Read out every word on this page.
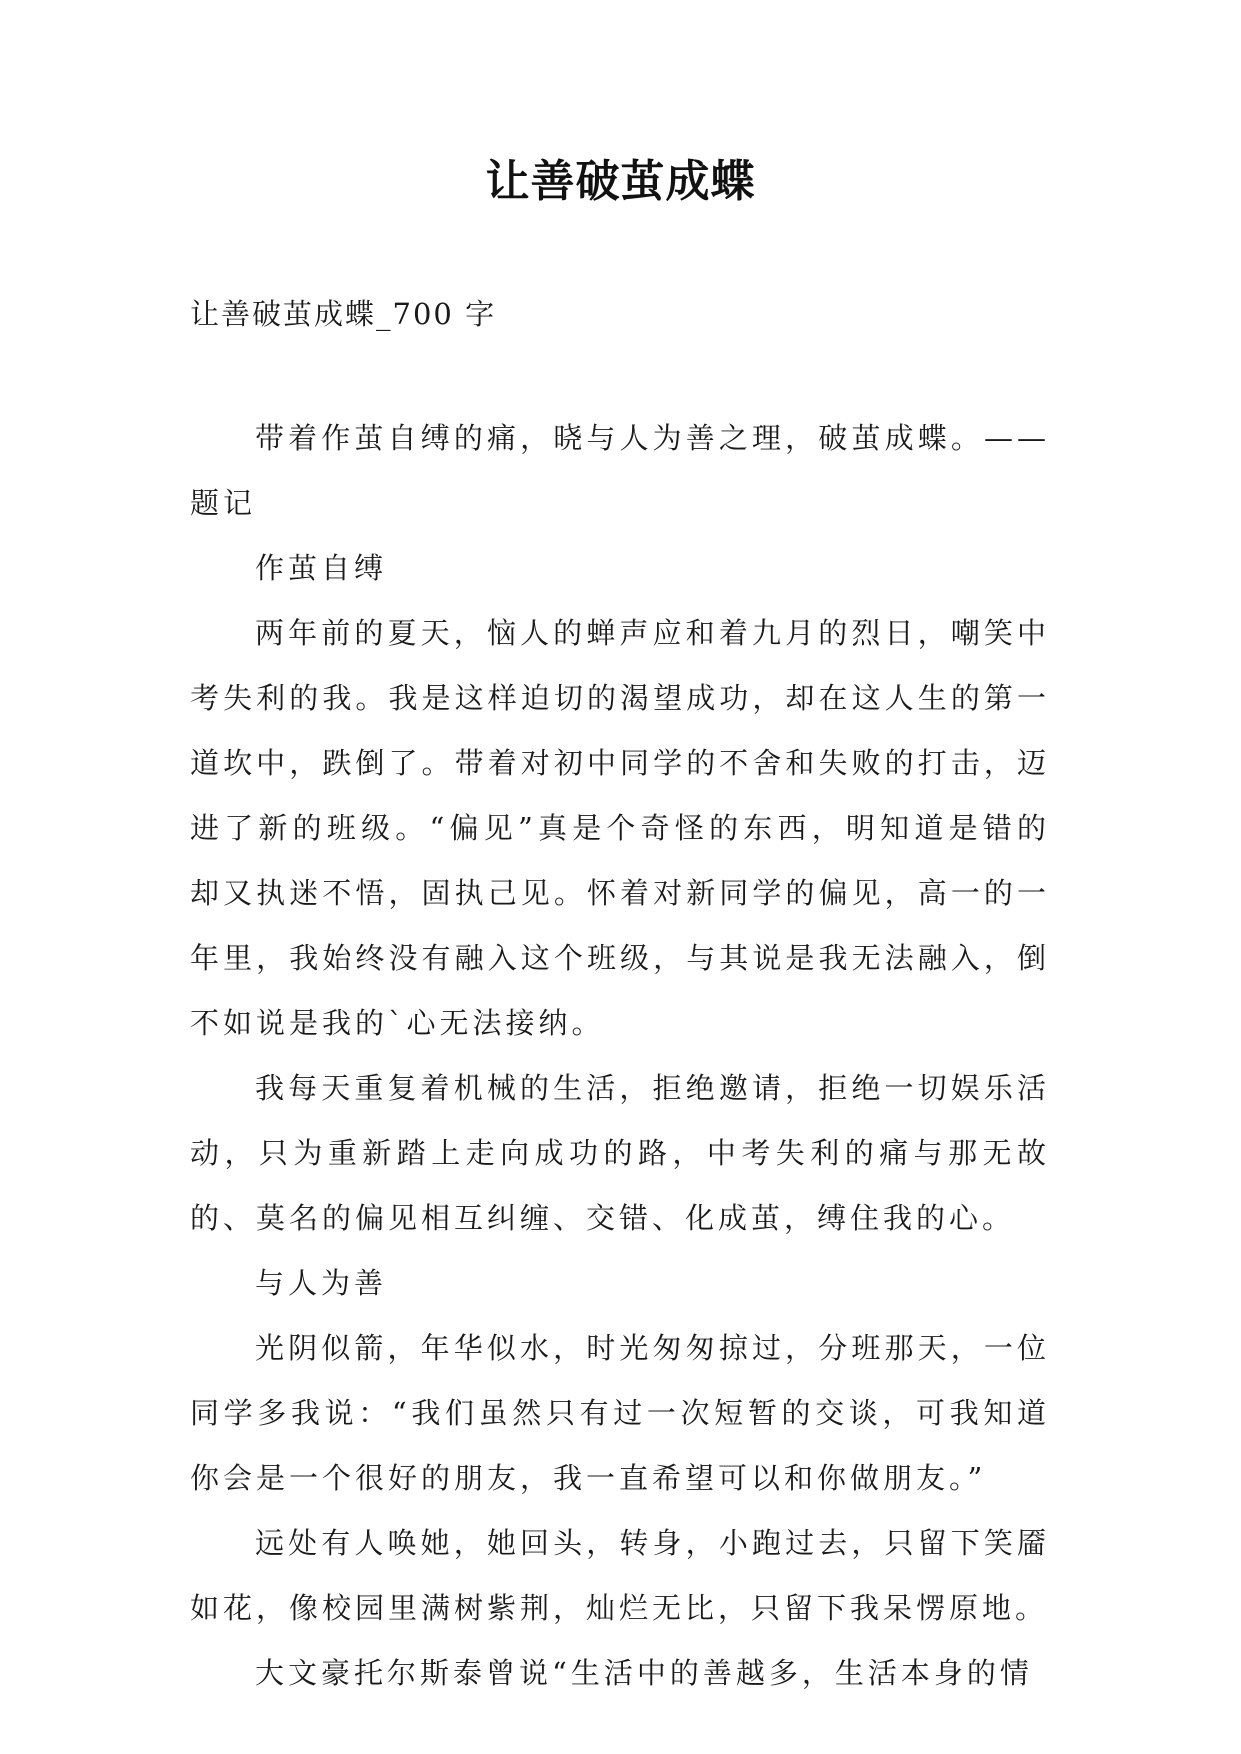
让善破茧成蝶
让善破茧成蝶_700 字

带着作茧自缚的痛，晓与人为善之理，破茧成蝶。——题记

作茧自缚

两年前的夏天，恼人的蝉声应和着九月的烈日，嘲笑中考失利的我。我是这样迫切的渴望成功，却在这人生的第一道坎中，跌倒了。带着对初中同学的不舍和失败的打击，迈进了新的班级。“偏见”真是个奇怪的东西，明知道是错的却又执迷不悟，固执己见。怀着对新同学的偏见，高一的一年里，我始终没有融入这个班级，与其说是我无法融入，倒不如说是我的`心无法接纳。

我每天重复着机械的生活，拒绝邀请，拒绝一切娱乐活动，只为重新踏上走向成功的路，中考失利的痛与那无故的、莫名的偏见相互纠缠、交错、化成茧，缚住我的心。

与人为善

光阴似箭，年华似水，时光匆匆掠过，分班那天，一位同学多我说：“我们虽然只有过一次短暂的交谈，可我知道你会是一个很好的朋友，我一直希望可以和你做朋友。”

远处有人唤她，她回头，转身，小跑过去，只留下笑靥如花，像校园里满树紫荆，灿烂无比，只留下我呆愣原地。

大文豪托尔斯泰曾说“生活中的善越多，生活本身的情
